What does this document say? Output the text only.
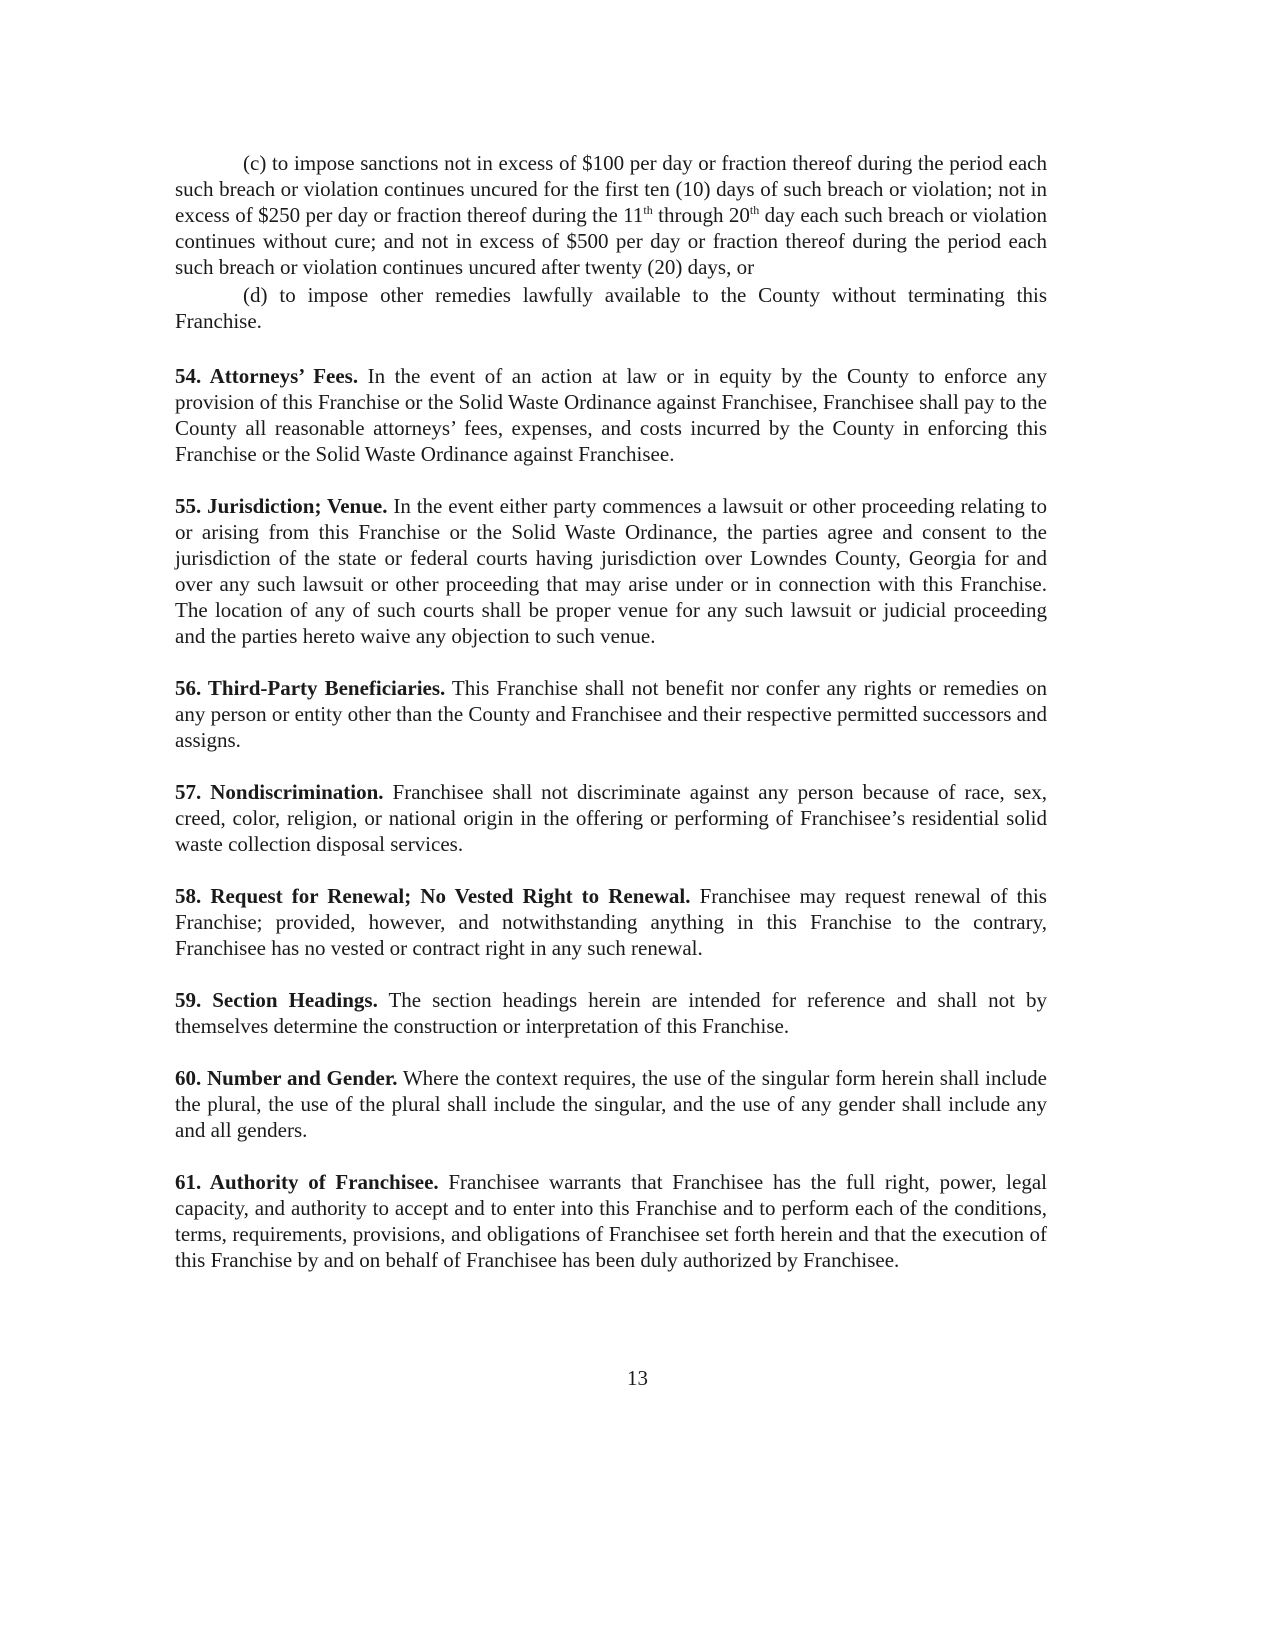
(c) to impose sanctions not in excess of $100 per day or fraction thereof during the period each such breach or violation continues uncured for the first ten (10) days of such breach or violation; not in excess of $250 per day or fraction thereof during the 11th through 20th day each such breach or violation continues without cure; and not in excess of $500 per day or fraction thereof during the period each such breach or violation continues uncured after twenty (20) days, or

(d) to impose other remedies lawfully available to the County without terminating this Franchise.

54. Attorneys’ Fees. In the event of an action at law or in equity by the County to enforce any provision of this Franchise or the Solid Waste Ordinance against Franchisee, Franchisee shall pay to the County all reasonable attorneys’ fees, expenses, and costs incurred by the County in enforcing this Franchise or the Solid Waste Ordinance against Franchisee.

55. Jurisdiction; Venue. In the event either party commences a lawsuit or other proceeding relating to or arising from this Franchise or the Solid Waste Ordinance, the parties agree and consent to the jurisdiction of the state or federal courts having jurisdiction over Lowndes County, Georgia for and over any such lawsuit or other proceeding that may arise under or in connection with this Franchise. The location of any of such courts shall be proper venue for any such lawsuit or judicial proceeding and the parties hereto waive any objection to such venue.

56. Third-Party Beneficiaries. This Franchise shall not benefit nor confer any rights or remedies on any person or entity other than the County and Franchisee and their respective permitted successors and assigns.

57. Nondiscrimination. Franchisee shall not discriminate against any person because of race, sex, creed, color, religion, or national origin in the offering or performing of Franchisee’s residential solid waste collection disposal services.

58. Request for Renewal; No Vested Right to Renewal. Franchisee may request renewal of this Franchise; provided, however, and notwithstanding anything in this Franchise to the contrary, Franchisee has no vested or contract right in any such renewal.

59. Section Headings. The section headings herein are intended for reference and shall not by themselves determine the construction or interpretation of this Franchise.

60. Number and Gender. Where the context requires, the use of the singular form herein shall include the plural, the use of the plural shall include the singular, and the use of any gender shall include any and all genders.

61. Authority of Franchisee. Franchisee warrants that Franchisee has the full right, power, legal capacity, and authority to accept and to enter into this Franchise and to perform each of the conditions, terms, requirements, provisions, and obligations of Franchisee set forth herein and that the execution of this Franchise by and on behalf of Franchisee has been duly authorized by Franchisee.

13
